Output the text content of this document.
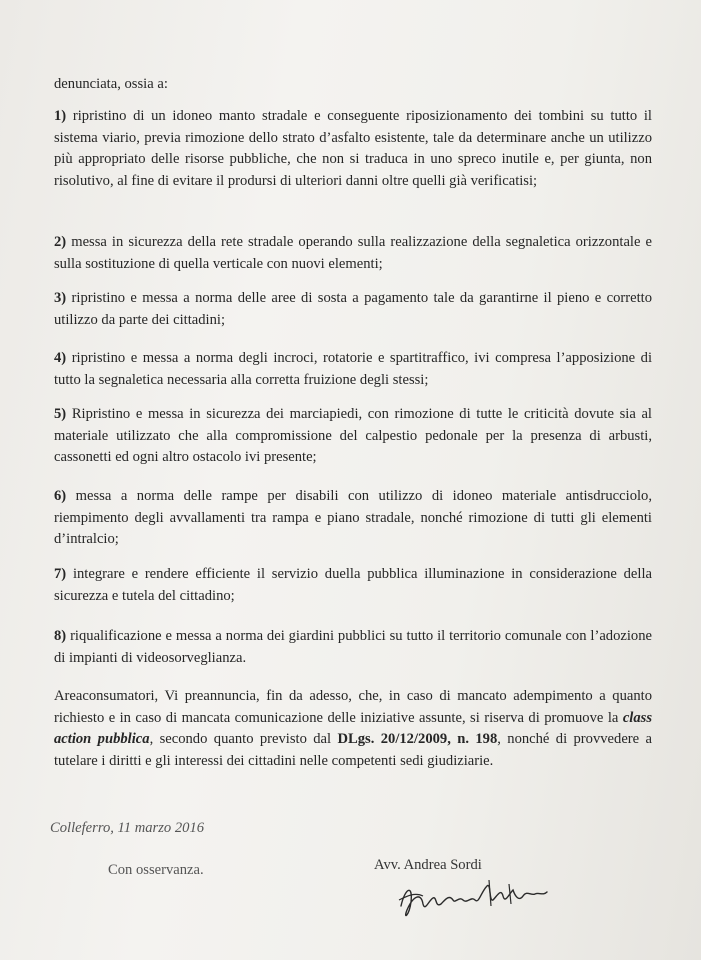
denunciata, ossia a:
1) ripristino di un idoneo manto stradale e conseguente riposizionamento dei tombini su tutto il sistema viario, previa rimozione dello strato d’asfalto esistente, tale da determinare anche un utilizzo più appropriato delle risorse pubbliche, che non si traduca in uno spreco inutile e, per giunta, non risolutivo, al fine di evitare il prodursi di ulteriori danni oltre quelli già verificatisi;
2) messa in sicurezza della rete stradale operando sulla realizzazione della segnaletica orizzontale e sulla sostituzione di quella verticale con nuovi elementi;
3) ripristino e messa a norma delle aree di sosta a pagamento tale da garantirne il pieno e corretto utilizzo da parte dei cittadini;
4) ripristino e messa a norma degli incroci, rotatorie e spartitraffico, ivi compresa l’apposizione di tutto la segnaletica necessaria alla corretta fruizione degli stessi;
5) Ripristino e messa in sicurezza dei marciapiedi, con rimozione di tutte le criticità dovute sia al materiale utilizzato che alla compromissione del calpestio pedonale per la presenza di arbusti, cassonetti ed ogni altro ostacolo ivi presente;
6) messa a norma delle rampe per disabili con utilizzo di idoneo materiale antisdrucciolo, riempimento degli avvallamenti tra rampa e piano stradale, nonché rimozione di tutti gli elementi d’intralcio;
7) integrare e rendere efficiente il servizio duella pubblica illuminazione in considerazione della sicurezza e tutela del cittadino;
8) riqualificazione e messa a norma dei giardini pubblici su tutto il territorio comunale con l’adozione di impianti di videosorveglianza.
Areaconsumatori, Vi preannuncia, fin da adesso, che, in caso di mancato adempimento a quanto richiesto e in caso di mancata comunicazione delle iniziative assunte, si riserva di promuove la class action pubblica, secondo quanto previsto dal DLgs. 20/12/2009, n. 198, nonché di provvedere a tutelare i diritti e gli interessi dei cittadini nelle competenti sedi giudiziarie.
Colleferro, 11 marzo 2016
Con osservanza.	Avv. Andrea Sordi
